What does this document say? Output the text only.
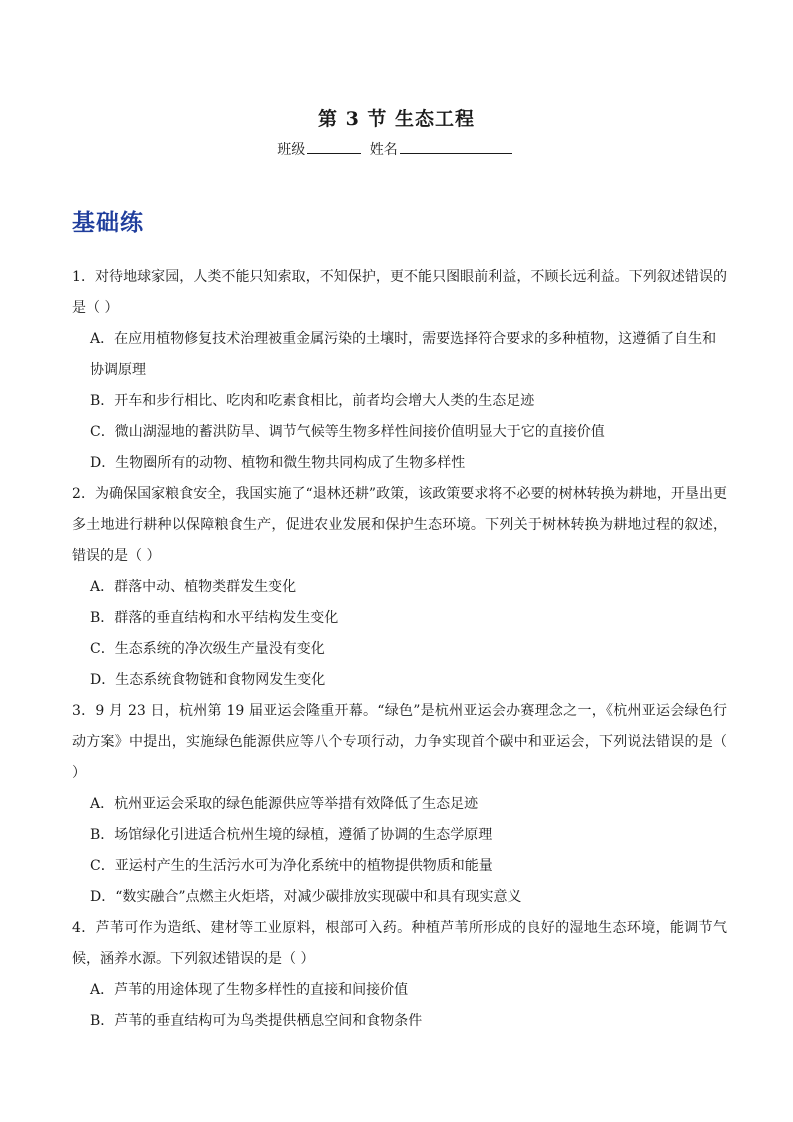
第 3 节 生态工程
班级	姓名
基础练

1．对待地球家园，人类不能只知索取，不知保护，更不能只图眼前利益，不顾长远利益。下列叙述错误的是（ ）

A．在应用植物修复技术治理被重金属污染的土壤时，需要选择符合要求的多种植物，这遵循了自生和协调原理

B．开车和步行相比、吃肉和吃素食相比，前者均会增大人类的生态足迹

C．微山湖湿地的蓄洪防旱、调节气候等生物多样性间接价值明显大于它的直接价值

D．生物圈所有的动物、植物和微生物共同构成了生物多样性

2．为确保国家粮食安全，我国实施了“退林还耕”政策，该政策要求将不必要的树林转换为耕地，开垦出更多土地进行耕种以保障粮食生产，促进农业发展和保护生态环境。下列关于树林转换为耕地过程的叙述，错误的是（ ）

A．群落中动、植物类群发生变化

B．群落的垂直结构和水平结构发生变化

C．生态系统的净次级生产量没有变化

D．生态系统食物链和食物网发生变化

3．9 月 23 日，杭州第 19 届亚运会隆重开幕。“绿色”是杭州亚运会办赛理念之一，《杭州亚运会绿色行动方案》中提出，实施绿色能源供应等八个专项行动，力争实现首个碳中和亚运会，下列说法错误的是（ ）

A．杭州亚运会采取的绿色能源供应等举措有效降低了生态足迹

B．场馆绿化引进适合杭州生境的绿植，遵循了协调的生态学原理

C．亚运村产生的生活污水可为净化系统中的植物提供物质和能量

D．“数实融合”点燃主火炬塔，对减少碳排放实现碳中和具有现实意义

4．芦苇可作为造纸、建材等工业原料，根部可入药。种植芦苇所形成的良好的湿地生态环境，能调节气候，涵养水源。下列叙述错误的是（ ）

A．芦苇的用途体现了生物多样性的直接和间接价值

B．芦苇的垂直结构可为鸟类提供栖息空间和食物条件
